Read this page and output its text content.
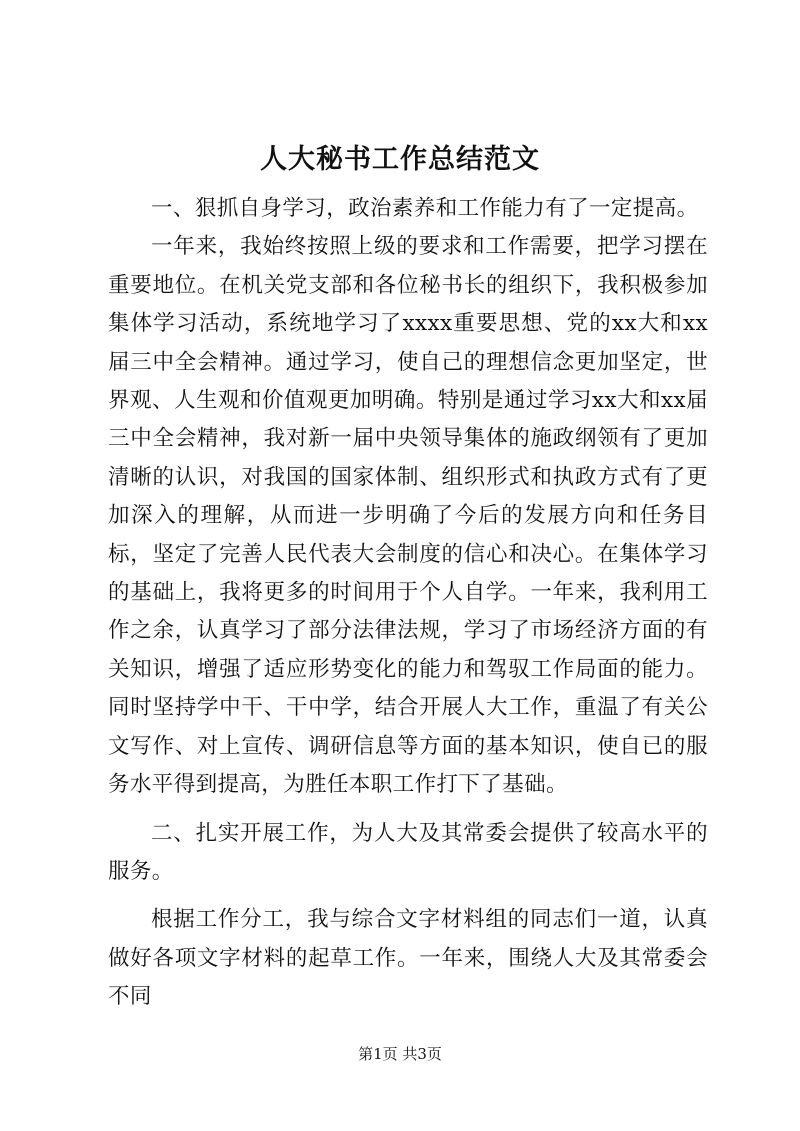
人大秘书工作总结范文

一、狠抓自身学习，政治素养和工作能力有了一定提高。

一年来，我始终按照上级的要求和工作需要，把学习摆在重要地位。在机关党支部和各位秘书长的组织下，我积极参加集体学习活动，系统地学习了xxxx重要思想、党的xx大和xx届三中全会精神。通过学习，使自己的理想信念更加坚定，世界观、人生观和价值观更加明确。特别是通过学习xx大和xx届三中全会精神，我对新一届中央领导集体的施政纲领有了更加清晰的认识，对我国的国家体制、组织形式和执政方式有了更加深入的理解，从而进一步明确了今后的发展方向和任务目标，坚定了完善人民代表大会制度的信心和决心。在集体学习的基础上，我将更多的时间用于个人自学。一年来，我利用工作之余，认真学习了部分法律法规，学习了市场经济方面的有关知识，增强了适应形势变化的能力和驾驭工作局面的能力。同时坚持学中干、干中学，结合开展人大工作，重温了有关公文写作、对上宣传、调研信息等方面的基本知识，使自已的服务水平得到提高，为胜任本职工作打下了基础。

二、扎实开展工作，为人大及其常委会提供了较高水平的服务。

根据工作分工，我与综合文字材料组的同志们一道，认真做好各项文字材料的起草工作。一年来，围绕人大及其常委会不同

第1页 共3页
